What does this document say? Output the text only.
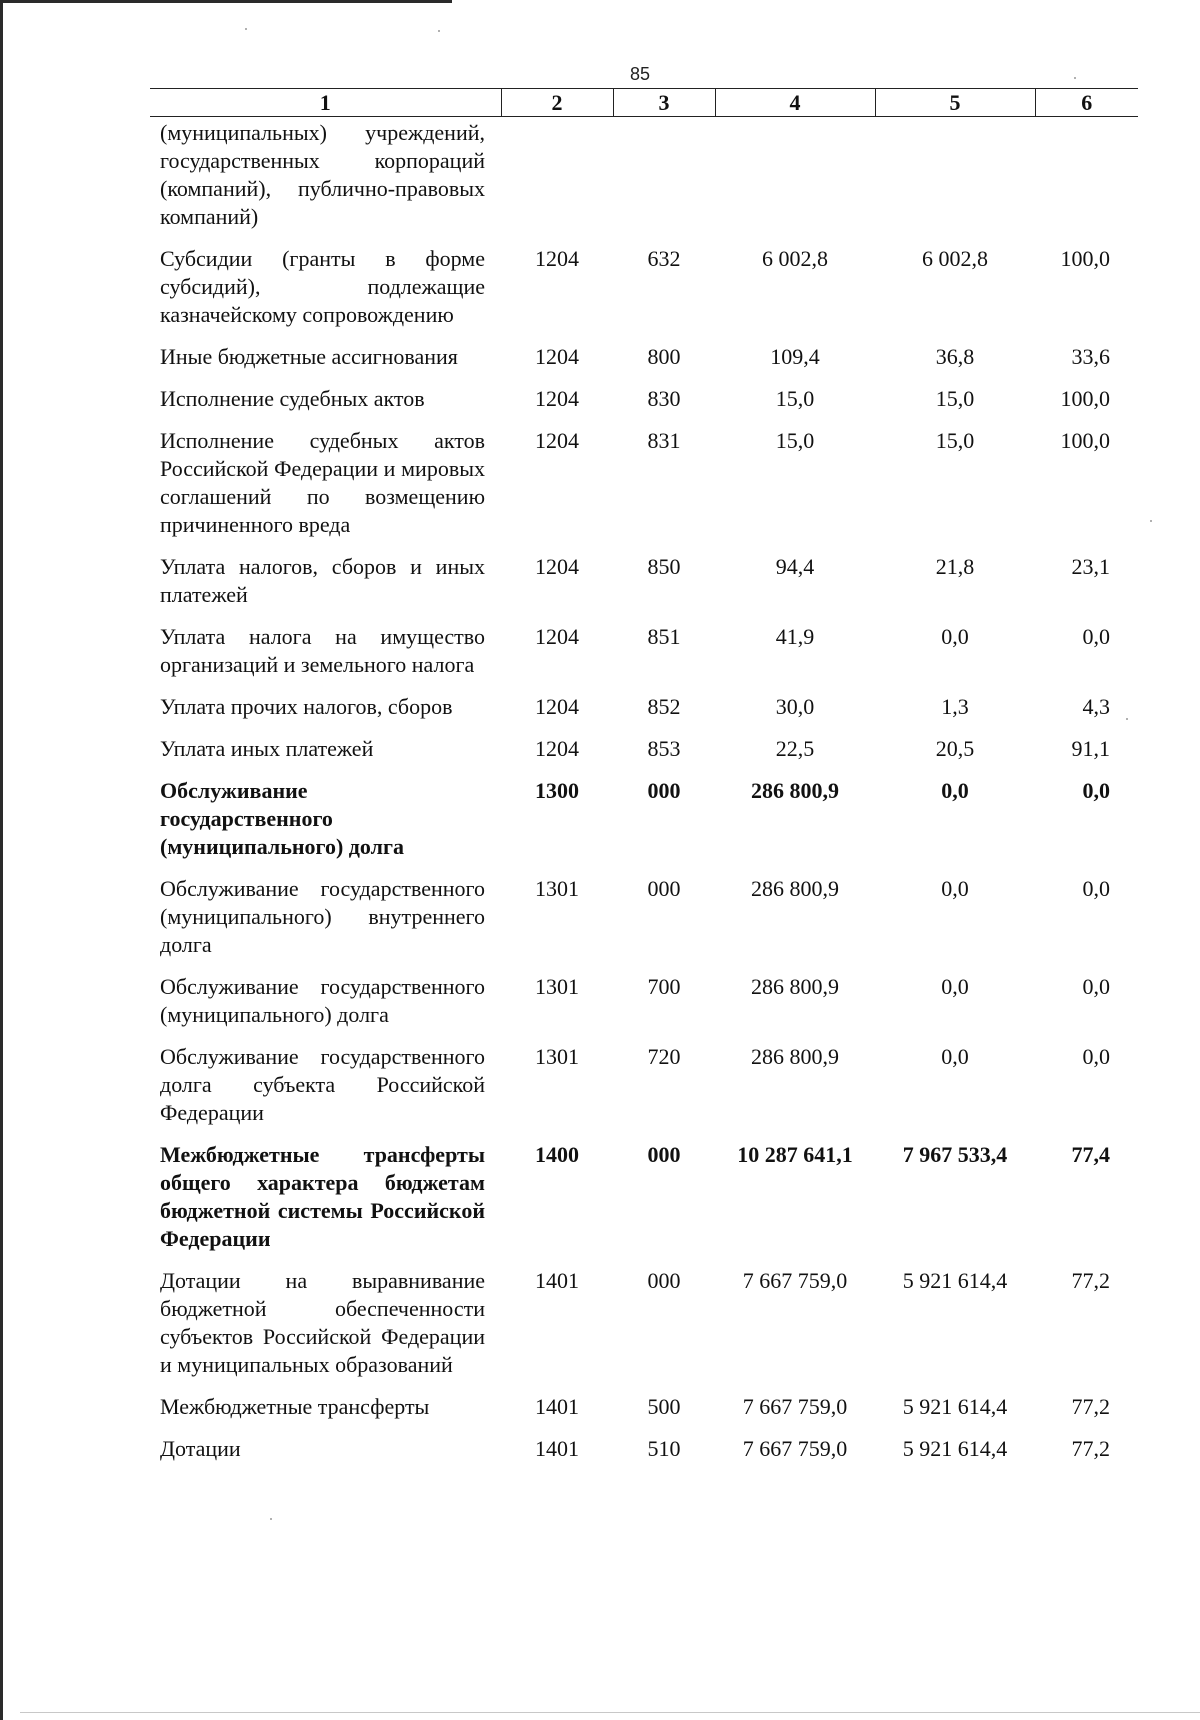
85
1	2	3	4	5	6
(муниципальных) учреждений, государственных корпораций (компаний), публично-правовых компаний)					
Субсидии (гранты в форме субсидий), подлежащие казначейскому сопровождению	1204	632	6 002,8	6 002,8	100,0
Иные бюджетные ассигнования	1204	800	109,4	36,8	33,6
Исполнение судебных актов	1204	830	15,0	15,0	100,0
Исполнение судебных актов Российской Федерации и мировых соглашений по возмещению причиненного вреда	1204	831	15,0	15,0	100,0
Уплата налогов, сборов и иных платежей	1204	850	94,4	21,8	23,1
Уплата налога на имущество организаций и земельного налога	1204	851	41,9	0,0	0,0
Уплата прочих налогов, сборов	1204	852	30,0	1,3	4,3
Уплата иных платежей	1204	853	22,5	20,5	91,1
Обслуживание государственного (муниципального) долга	1300	000	286 800,9	0,0	0,0
Обслуживание государственного (муниципального) внутреннего долга	1301	000	286 800,9	0,0	0,0
Обслуживание государственного (муниципального) долга	1301	700	286 800,9	0,0	0,0
Обслуживание государственного долга субъекта Российской Федерации	1301	720	286 800,9	0,0	0,0
Межбюджетные трансферты общего характера бюджетам бюджетной системы Российской Федерации	1400	000	10 287 641,1	7 967 533,4	77,4
Дотации на выравнивание бюджетной обеспеченности субъектов Российской Федерации и муниципальных образований	1401	000	7 667 759,0	5 921 614,4	77,2
Межбюджетные трансферты	1401	500	7 667 759,0	5 921 614,4	77,2
Дотации	1401	510	7 667 759,0	5 921 614,4	77,2
